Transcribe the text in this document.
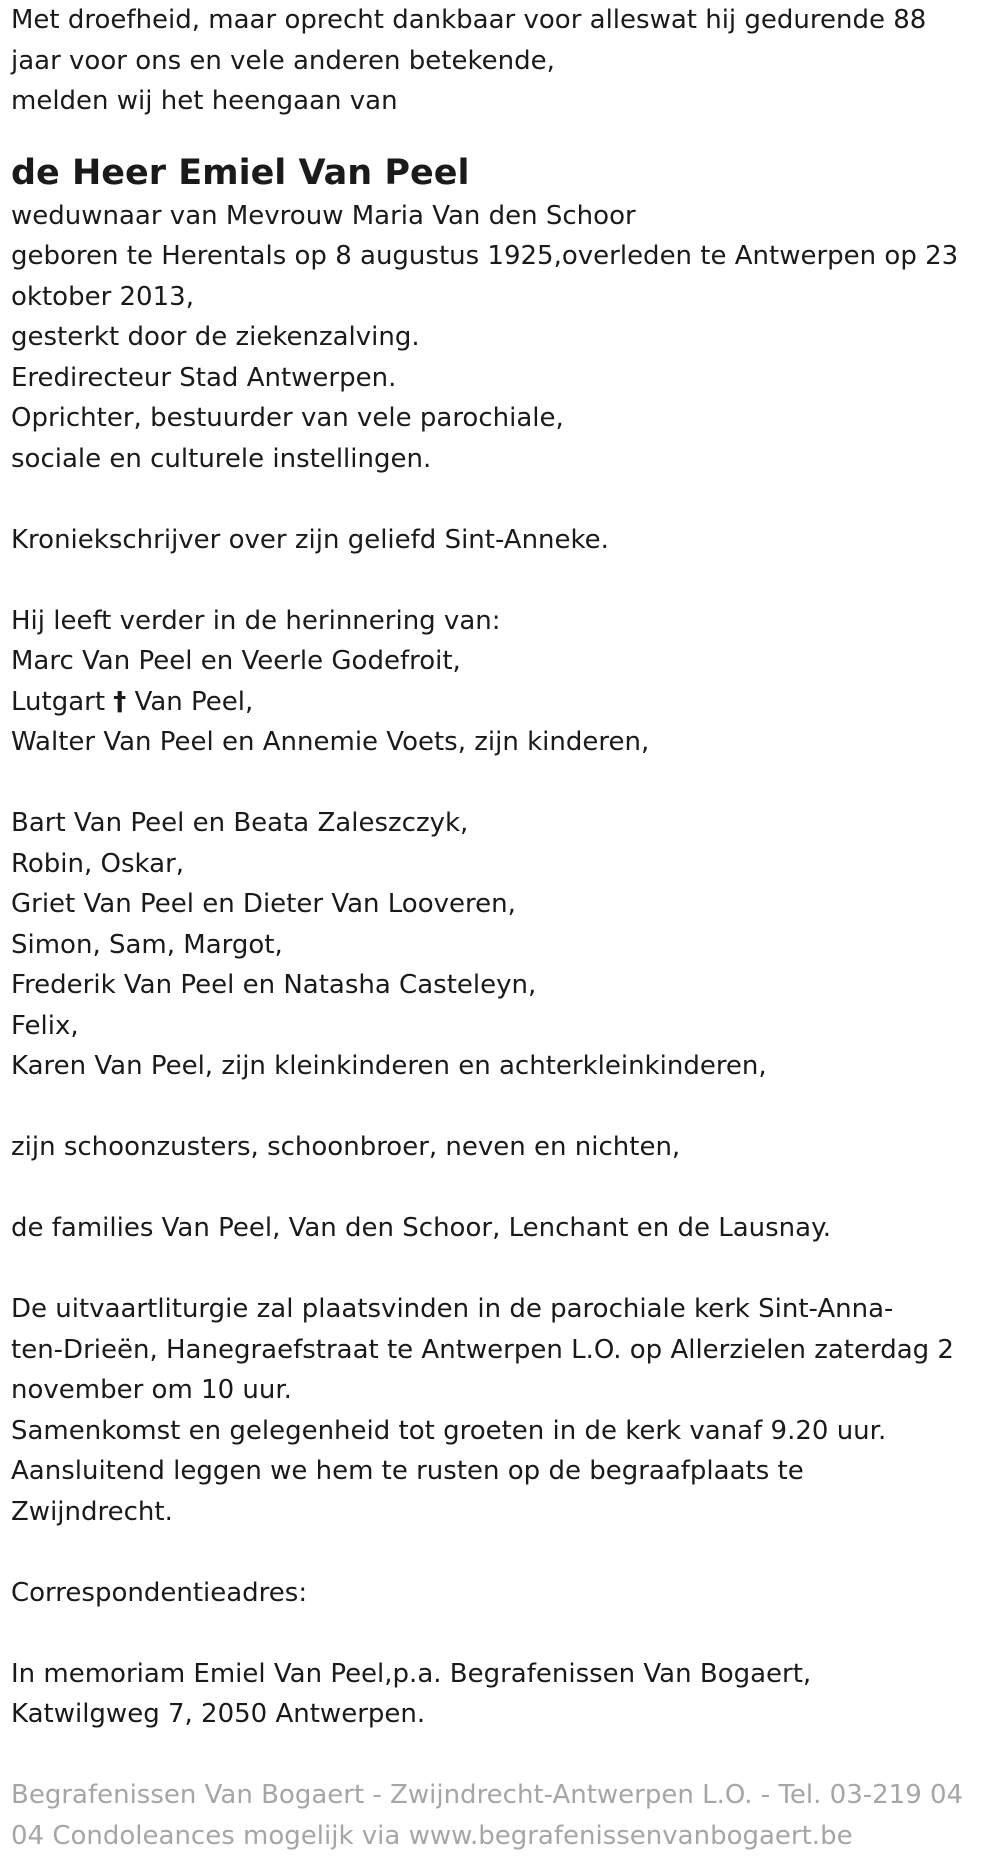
Met droefheid, maar oprecht dankbaar voor alleswat hij gedurende 88
jaar voor ons en vele anderen betekende,
melden wij het heengaan van
de Heer Emiel Van Peel
weduwnaar van Mevrouw Maria Van den Schoor
geboren te Herentals op 8 augustus 1925,overleden te Antwerpen op 23
oktober 2013,
gesterkt door de ziekenzalving.
Eredirecteur Stad Antwerpen.
Oprichter, bestuurder van vele parochiale,
sociale en culturele instellingen.
Kroniekschrijver over zijn geliefd Sint-Anneke.
Hij leeft verder in de herinnering van:
Marc Van Peel en Veerle Godefroit,
Lutgart † Van Peel,
Walter Van Peel en Annemie Voets, zijn kinderen,
Bart Van Peel en Beata Zaleszczyk,
Robin, Oskar,
Griet Van Peel en Dieter Van Looveren,
Simon, Sam, Margot,
Frederik Van Peel en Natasha Casteleyn,
Felix,
Karen Van Peel, zijn kleinkinderen en achterkleinkinderen,
zijn schoonzusters, schoonbroer, neven en nichten,
de families Van Peel, Van den Schoor, Lenchant en de Lausnay.
De uitvaartliturgie zal plaatsvinden in de parochiale kerk Sint-Anna-
ten-Drieën, Hanegraefstraat te Antwerpen L.O. op Allerzielen zaterdag 2
november om 10 uur.
Samenkomst en gelegenheid tot groeten in de kerk vanaf 9.20 uur.
Aansluitend leggen we hem te rusten op de begraafplaats te
Zwijndrecht.
Correspondentieadres:
In memoriam Emiel Van Peel,p.a. Begrafenissen Van Bogaert,
Katwilgweg 7, 2050 Antwerpen.
Begrafenissen Van Bogaert - Zwijndrecht-Antwerpen L.O. - Tel. 03-219 04
04 Condoleances mogelijk via www.begrafenissenvanbogaert.be
